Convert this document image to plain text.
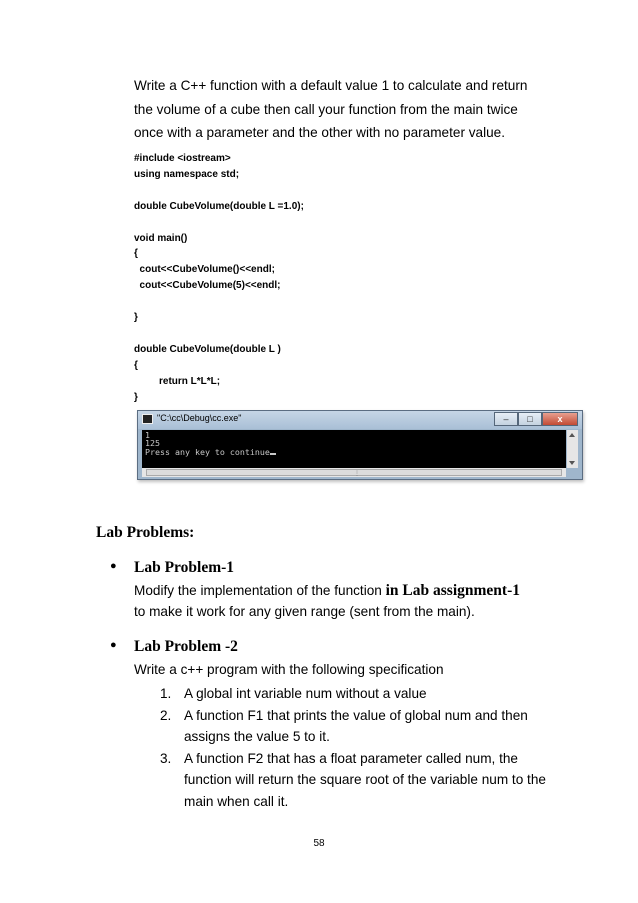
Write a C++ function with a default value 1 to calculate and return

the volume of a cube then call your function from the main twice

once with a parameter and the other with no parameter value.

#include <iostream>
using namespace std;

double CubeVolume(double L =1.0);

void main()
{
cout<<CubeVolume()<<endl;
cout<<CubeVolume(5)<<endl;

}

double CubeVolume(double L )
{
return L*L*L;
}
"C:\cc\Debug\cc.exe"	–	□	x
1
125
Press any key to continue
⋮
Lab Problems:
● Lab Problem-1

Modify the implementation of the function in Lab assignment-1

to make it work for any given range (sent from the main).

● Lab Problem -2

Write a c++ program with the following specification

1. A global int variable num without a value
2. A function F1 that prints the value of global num and then assigns the value 5 to it.
3. A function F2 that has a float parameter called num, the function will return the square root of the variable num to the main when call it.
58
